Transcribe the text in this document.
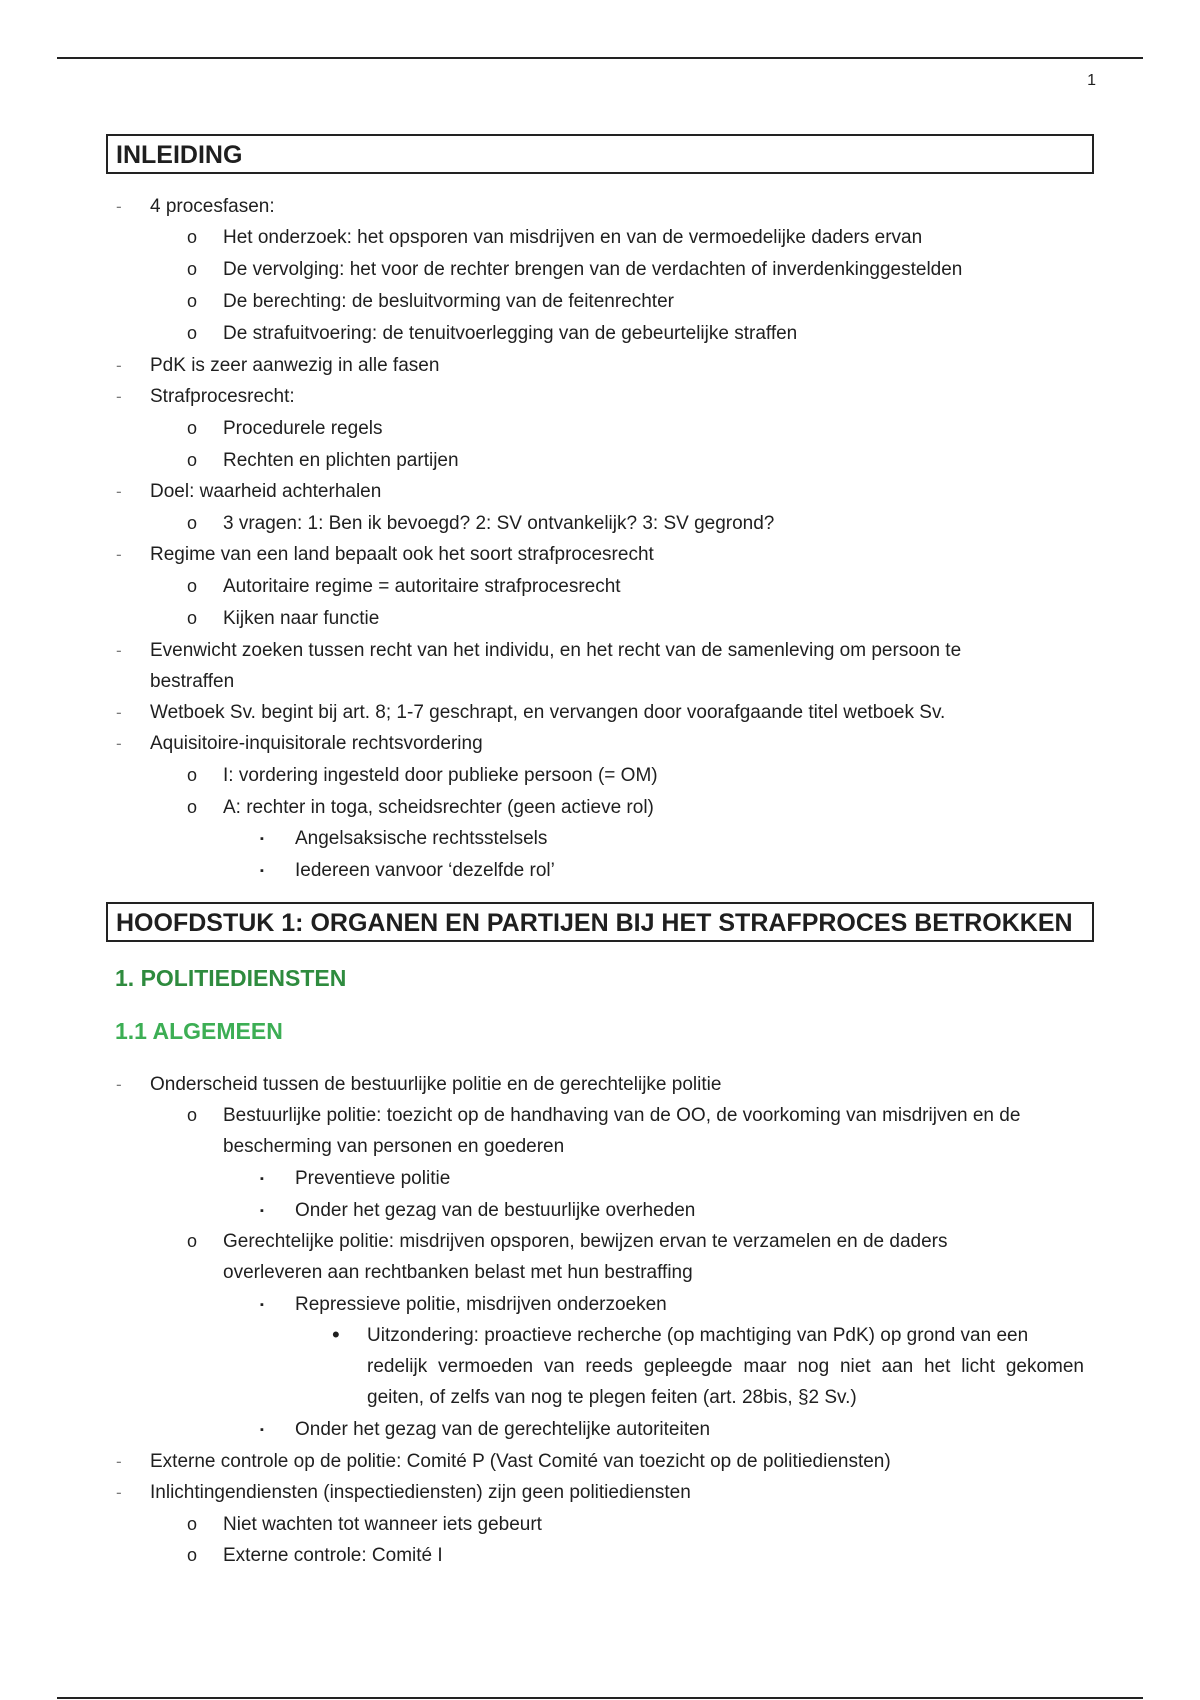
1
INLEIDING
-	4 procesfasen:
o	Het onderzoek: het opsporen van misdrijven en van de vermoedelijke daders ervan
o	De vervolging: het voor de rechter brengen van de verdachten of inverdenkinggestelden
o	De berechting: de besluitvorming van de feitenrechter
o	De strafuitvoering: de tenuitvoerlegging van de gebeurtelijke straffen
-	PdK is zeer aanwezig in alle fasen
-	Strafprocesrecht:
o	Procedurele regels
o	Rechten en plichten partijen
-	Doel: waarheid achterhalen
o	3 vragen: 1: Ben ik bevoegd? 2: SV ontvankelijk? 3: SV gegrond?
-	Regime van een land bepaalt ook het soort strafprocesrecht
o	Autoritaire regime = autoritaire strafprocesrecht
o	Kijken naar functie
-	Evenwicht zoeken tussen recht van het individu, en het recht van de samenleving om persoon te
bestraffen
-	Wetboek Sv. begint bij art. 8; 1-7 geschrapt, en vervangen door voorafgaande titel wetboek Sv.
-	Aquisitoire-inquisitorale rechtsvordering
o	I: vordering ingesteld door publieke persoon (= OM)
o	A: rechter in toga, scheidsrechter (geen actieve rol)
▪	Angelsaksische rechtsstelsels
▪	Iedereen vanvoor ‘dezelfde rol’
HOOFDSTUK 1: ORGANEN EN PARTIJEN BIJ HET STRAFPROCES BETROKKEN
1. POLITIEDIENSTEN
1.1 ALGEMEEN
-	Onderscheid tussen de bestuurlijke politie en de gerechtelijke politie
o	Bestuurlijke politie: toezicht op de handhaving van de OO, de voorkoming van misdrijven en de
bescherming van personen en goederen
▪	Preventieve politie
▪	Onder het gezag van de bestuurlijke overheden
o	Gerechtelijke politie: misdrijven opsporen, bewijzen ervan te verzamelen en de daders
overleveren aan rechtbanken belast met hun bestraffing
▪	Repressieve politie, misdrijven onderzoeken
•	Uitzondering: proactieve recherche (op machtiging van PdK) op grond van een
redelijk vermoeden van reeds gepleegde maar nog niet aan het licht gekomen
geiten, of zelfs van nog te plegen feiten (art. 28bis, §2 Sv.)
▪	Onder het gezag van de gerechtelijke autoriteiten
-	Externe controle op de politie: Comité P (Vast Comité van toezicht op de politiediensten)
-	Inlichtingendiensten (inspectiediensten) zijn geen politiediensten
o	Niet wachten tot wanneer iets gebeurt
o	Externe controle: Comité I
